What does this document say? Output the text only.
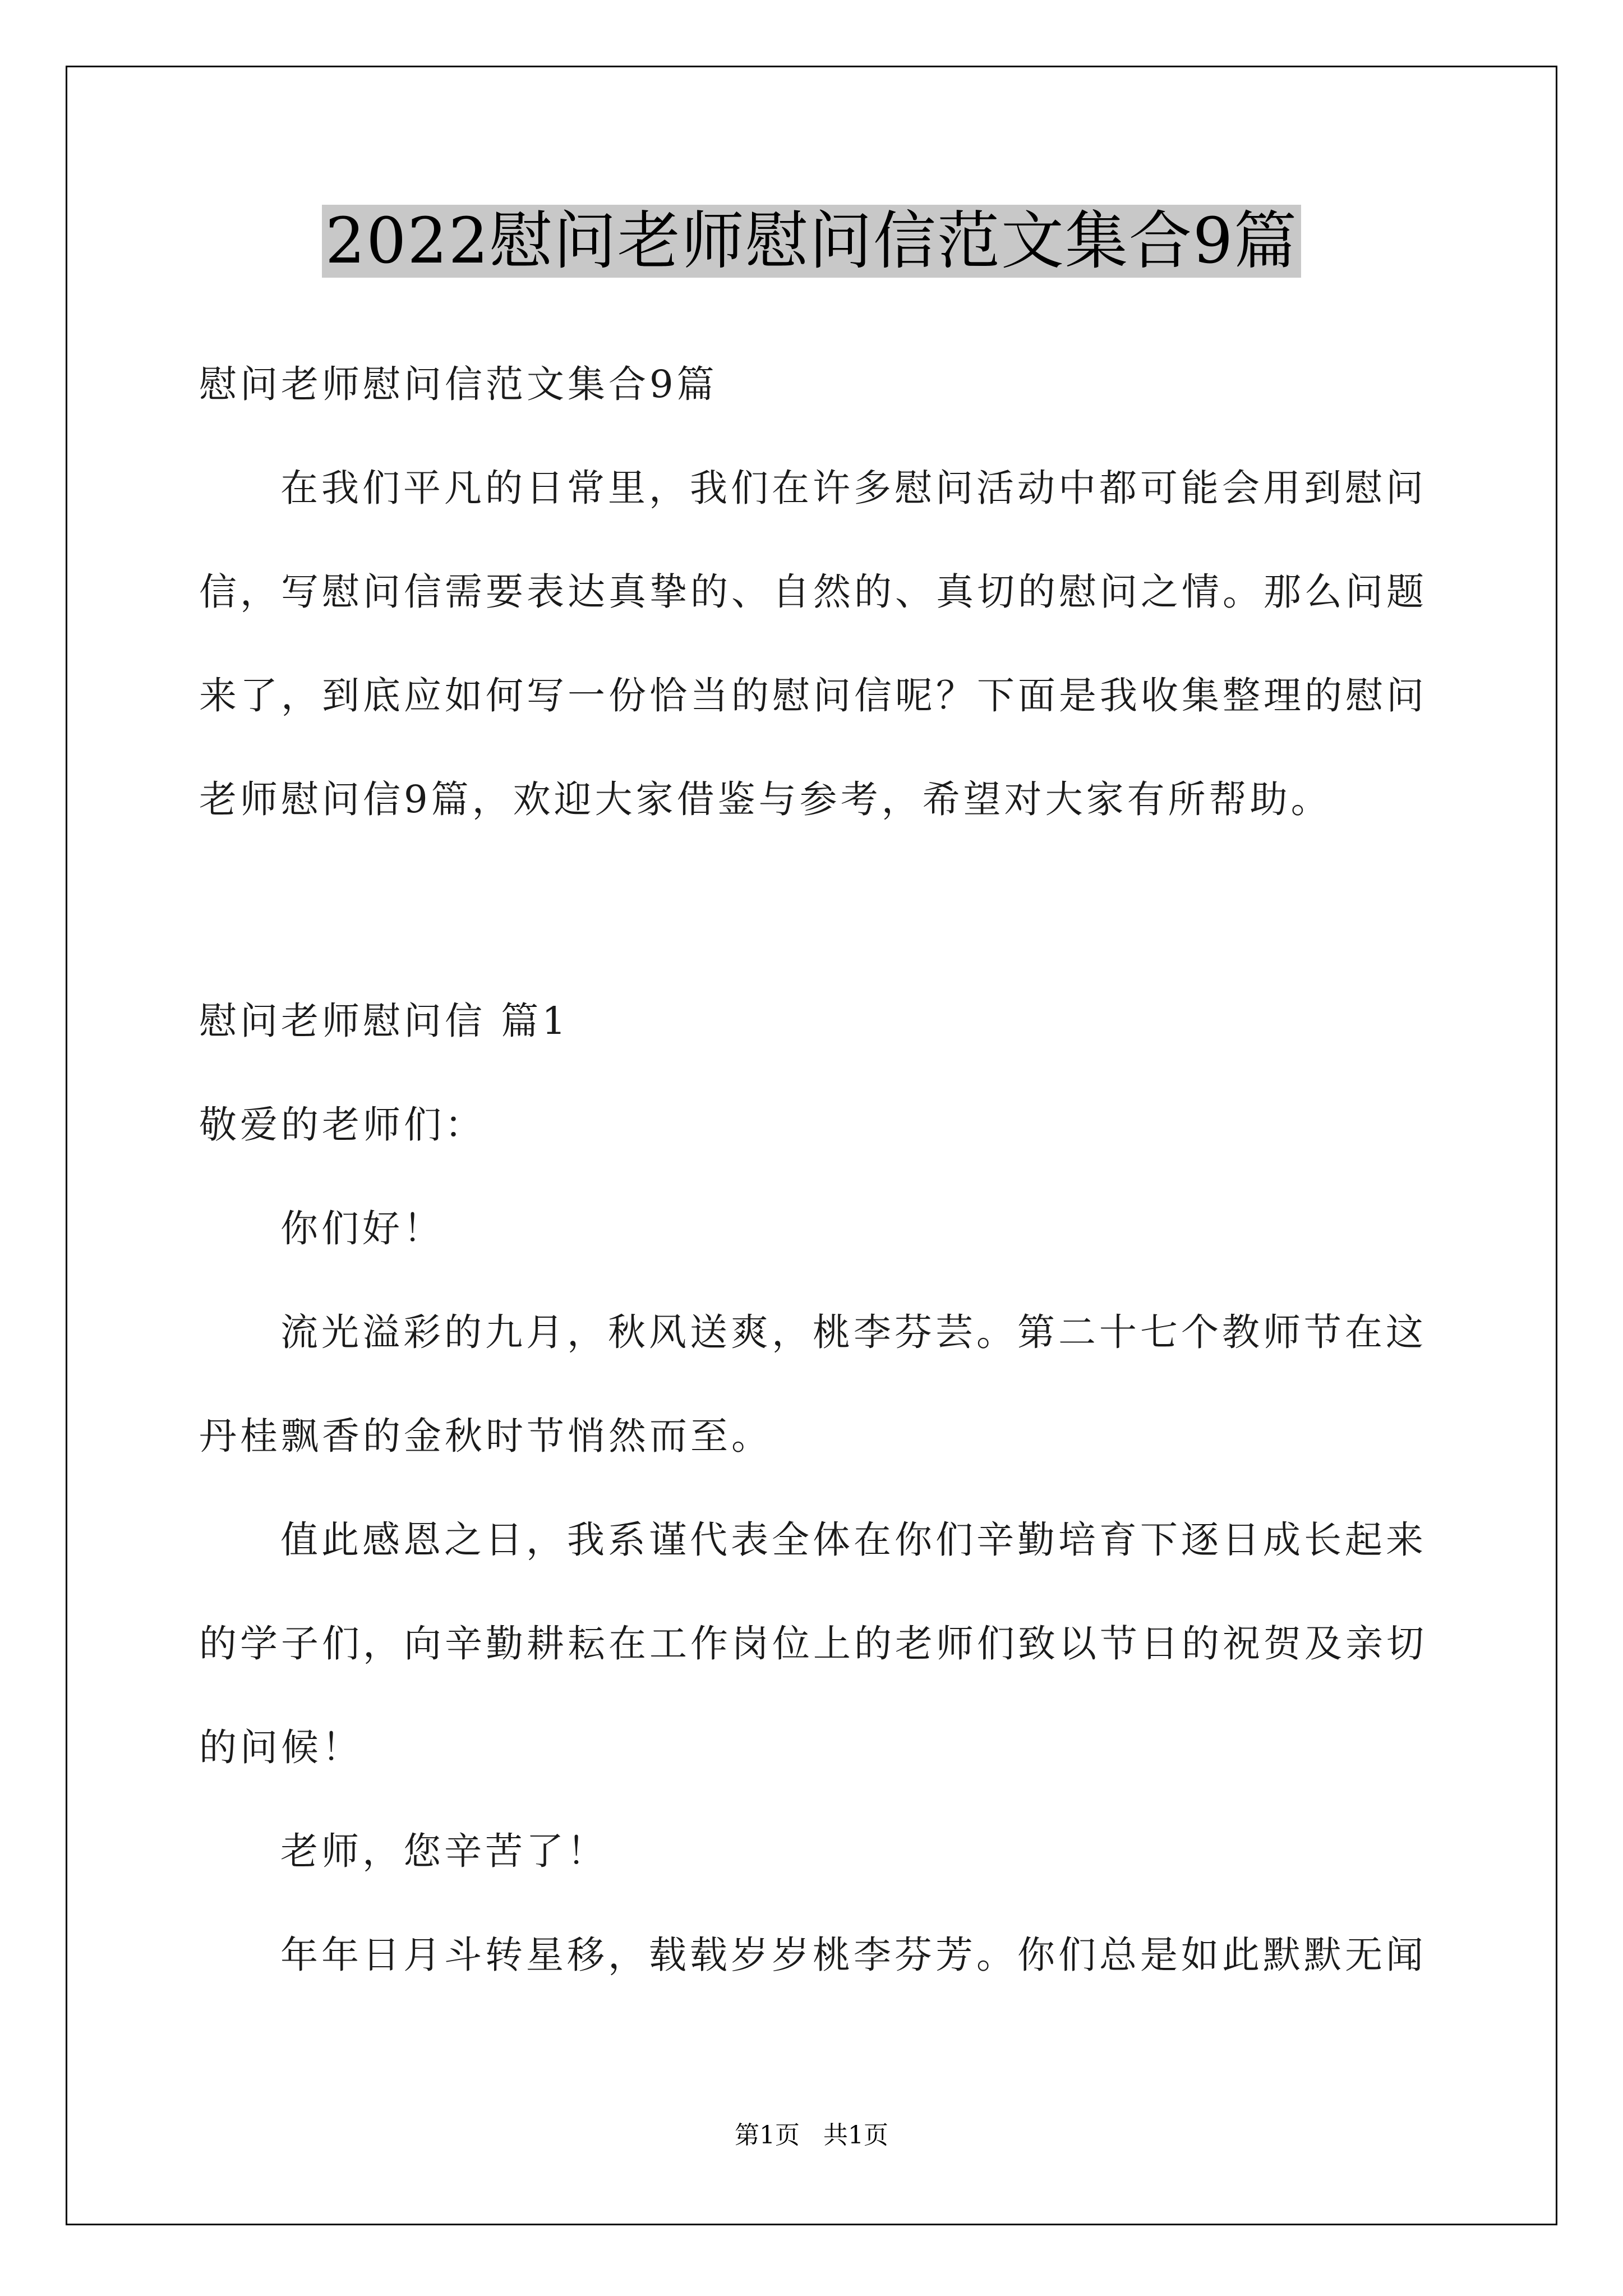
2022慰问老师慰问信范文集合9篇
慰问老师慰问信范文集合9篇
在我们平凡的日常里，我们在许多慰问活动中都可能会用到慰问
信，写慰问信需要表达真挚的、自然的、真切的慰问之情。那么问题
来了，到底应如何写一份恰当的慰问信呢？下面是我收集整理的慰问
老师慰问信9篇，欢迎大家借鉴与参考，希望对大家有所帮助。
慰问老师慰问信 篇1
敬爱的老师们：
你们好！
流光溢彩的九月，秋风送爽，桃李芬芸。第二十七个教师节在这
丹桂飘香的金秋时节悄然而至。
值此感恩之日，我系谨代表全体在你们辛勤培育下逐日成长起来
的学子们，向辛勤耕耘在工作岗位上的老师们致以节日的祝贺及亲切
的问候！
老师，您辛苦了！
年年日月斗转星移，载载岁岁桃李芬芳。你们总是如此默默无闻
第1页   共1页
